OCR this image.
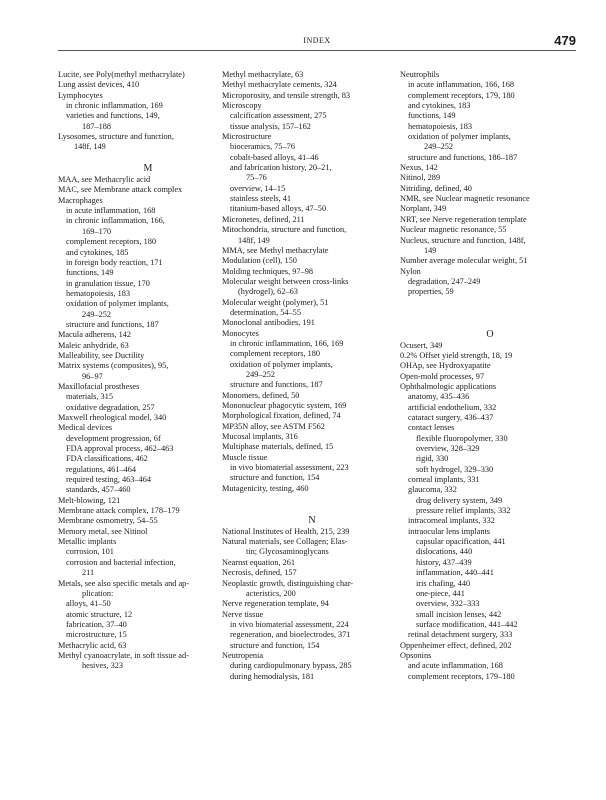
INDEX	479
Lucite, see Poly(methyl methacrylate)
Lung assist devices, 410
Lymphocytes
in chronic inflammation, 169
varieties and functions, 149,
187–188
Lysosomes, structure and function,
148f, 149
M
MAA, see Methacrylic acid
MAC, see Membrane attack complex
Macrophages
in acute inflammation, 168
in chronic inflammation, 166,
169–170
complement receptors, 180
and cytokines, 185
in foreign body reaction, 171
functions, 149
in granulation tissue, 170
hematopoiesis, 183
oxidation of polymer implants,
249–252
structure and functions, 187
Macula adherens, 142
Maleic anhydride, 63
Malleability, see Ductility
Matrix systems (composites), 95,
96–97
Maxillofacial prostheses
materials, 315
oxidative degradation, 257
Maxwell rheological model, 340
Medical devices
development progression, 6f
FDA approval process, 462–463
FDA classifications, 462
regulations, 461–464
required testing, 463–464
standards, 457–460
Melt-blowing, 121
Membrane attack complex, 178–179
Membrane osmometry, 54–55
Memory metal, see Nitinol
Metallic implants
corrosion, 101
corrosion and bacterial infection,
211
Metals, see also specific metals and ap-
plication:
alloys, 41–50
atomic structure, 12
fabrication, 37–40
microstructure, 15
Methacrylic acid, 63
Methyl cyanoacrylate, in soft tissue ad-
hesives, 323
Methyl methacrylate, 63
Methyl methacrylate cements, 324
Microporosity, and tensile strength, 83
Microscopy
calcification assessment, 275
tissue analysis, 157–162
Microstructure
bioceramics, 75–76
cobalt-based alloys, 41–46
and fabrication history, 20–21,
75–76
overview, 14–15
stainless steels, 41
titanium-based alloys, 47–50
Micronetes, defined, 211
Mitochondria, structure and function,
148f, 149
MMA, see Methyl methacrylate
Modulation (cell), 150
Molding techniques, 97–98
Molecular weight between cross-links
(hydrogel), 62–63
Molecular weight (polymer), 51
determination, 54–55
Monoclonal antibodies, 191
Monocytes
in chronic inflammation, 166, 169
complement receptors, 180
oxidation of polymer implants,
249–252
structure and functions, 187
Monomers, defined, 50
Mononuclear phagocytic system, 169
Morphological fixation, defined, 74
MP35N alloy, see ASTM F562
Mucosal implants, 316
Multiphase materials, defined, 15
Muscle tissue
in vivo biomaterial assessment, 223
structure and function, 154
Mutagenicity, testing, 460
N
National Institutes of Health, 215, 239
Natural materials, see Collagen; Elas-
tin; Glycosaminoglycans
Nearnst equation, 261
Necrosis, defined, 157
Neoplastic growth, distinguishing char-
acteristics, 200
Nerve regeneration template, 94
Nerve tissue
in vivo biomaterial assessment, 224
regeneration, and bioelectrodes, 371
structure and function, 154
Neutropenia
during cardiopulmonary bypass, 285
during hemodialysis, 181
Neutrophils
in acute inflammation, 166, 168
complement receptors, 179, 180
and cytokines, 183
functions, 149
hematopoiesis, 183
oxidation of polymer implants,
249–252
structure and functions, 186–187
Nexus, 142
Nitinol, 289
Nitriding, defined, 40
NMR, see Nuclear magnetic resonance
Norplant, 349
NRT, see Nerve regeneration template
Nuclear magnetic resonance, 55
Nucleus, structure and function, 148f,
149
Number average molecular weight, 51
Nylon
degradation, 247–249
properties, 59
O
Ocusert, 349
0.2% Offset yield strength, 18, 19
OHAp, see Hydroxyapatite
Open-mold processes, 97
Ophthalmologic applications
anatomy, 435–436
artificial endothelium, 332
cataract surgery, 436–437
contact lenses
flexible fluoropolymer, 330
overview, 328–329
rigid, 330
soft hydrogel, 329–330
corneal implants, 331
glaucoma, 332
drug delivery system, 349
pressure relief implants, 332
intracorneal implants, 332
intraocular lens implants
capsular opacification, 441
dislocations, 440
history, 437–439
inflammation, 440–441
iris chafing, 440
one-piece, 441
overview, 332–333
small incision lenses, 442
surface modification, 441–442
retinal detachment surgery, 333
Oppenheimer effect, defined, 202
Opsonins
and acute inflammation, 168
complement receptors, 179–180
